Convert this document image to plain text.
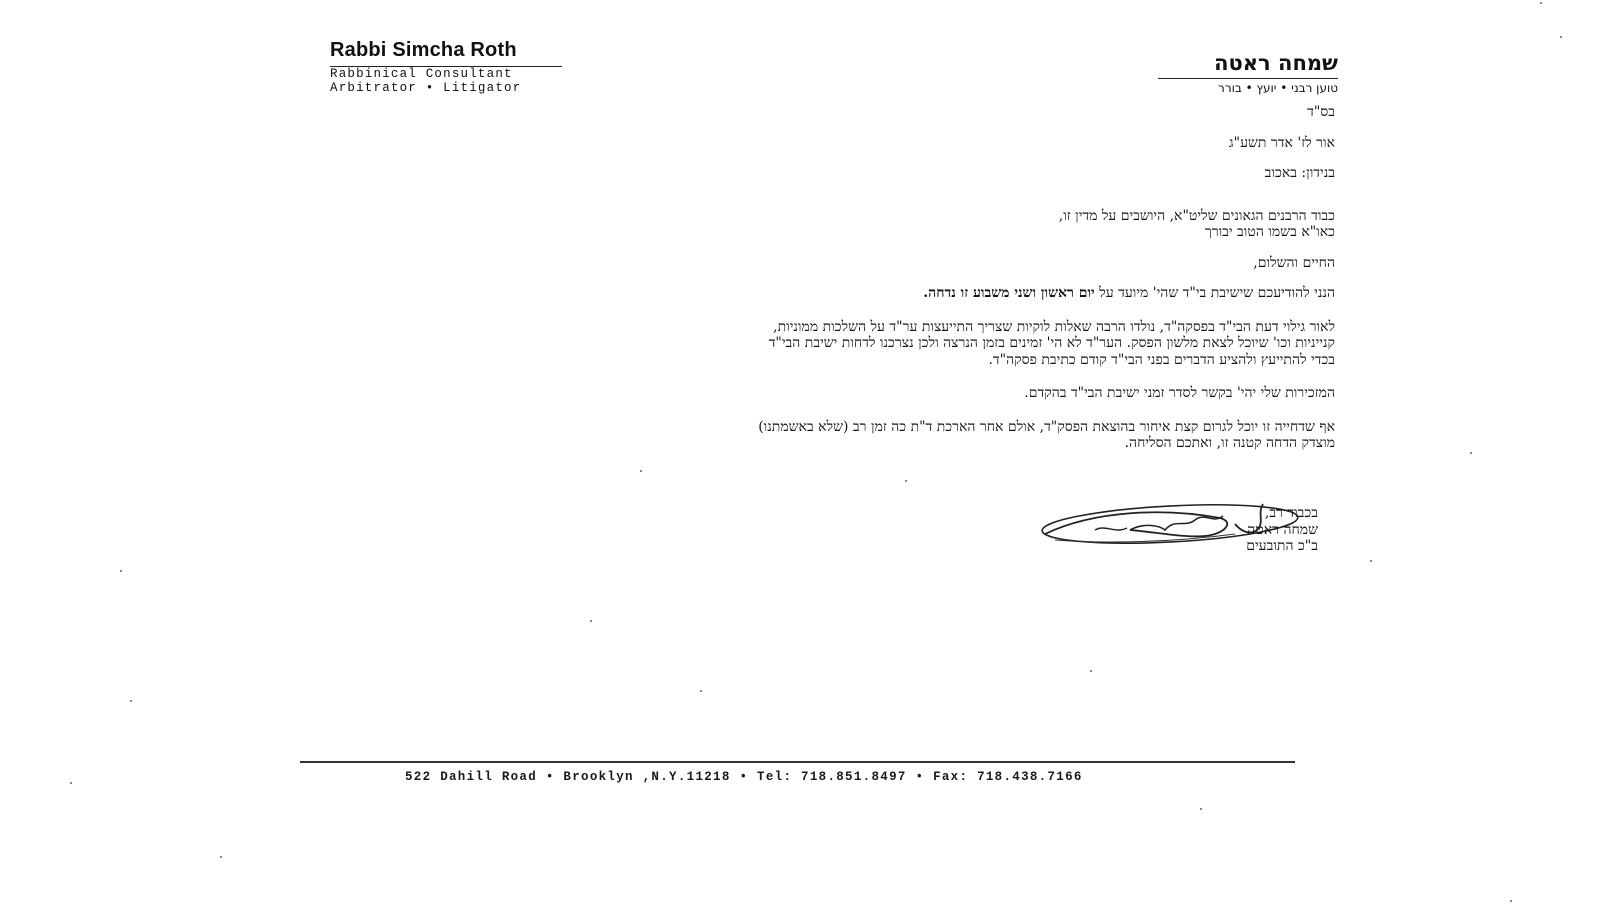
Rabbi Simcha Roth
Rabbinical Consultant
Arbitrator • Litigator
שמחה ראטה
טוען רבני • יועץ • בורר
בס"ד
אור לז' אדר תשע"ג
בנידון: באכוב
כבוד הרבנים הגאונים שליט"א, היושבים על מדין זו,
כאו"א בשמו הטוב יבורך
החיים והשלום,
הנני להודיעכם שישיבת בי"ד שהי' מיועד על יום ראשון ושני משבוע זו נדחה.
לאור גילוי דעת הבי"ד בפסקה"ד, נולדו הרבה שאלות לוקיות שצריך התייעצות ער"ד על השלכות ממוניות,
קנייניות וכו' שיוכל לצאת מלשון הפסק. הער"ד לא הי' זמינים בזמן הנרצה ולכן נצרכנו לדחות ישיבת הבי"ד
בכדי להתייעץ ולהציע הדברים בפני הבי"ד קודם כתיבת פסקה"ד.
המזכירות שלי יהי' בקשר לסדר זמני ישיבת הבי"ד בהקדם.
אף שדחייה זו יוכל לגרום קצת איחור בהוצאת הפסק"ד, אולם אחר הארכת ד"ת כה זמן רב (שלא באשמתנו)
מוצדק הדחה קטנה זו, ואתכם הסליחה.
בכבוד רב,
שמחה ראטה
ב"כ התובעים
522 Dahill Road • Brooklyn ,N.Y.11218 • Tel: 718.851.8497 • Fax: 718.438.7166
